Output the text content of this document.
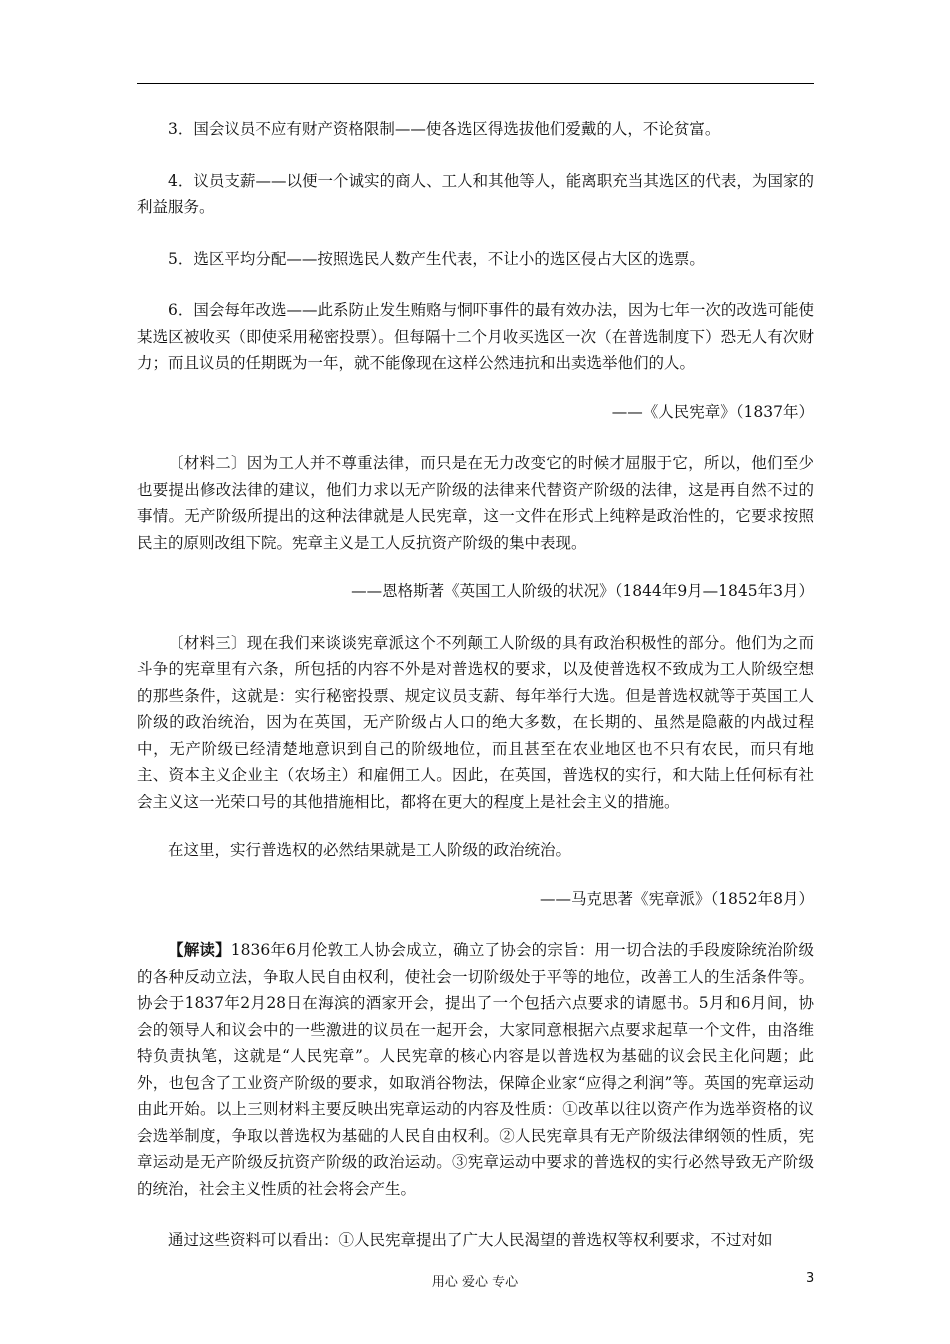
3．国会议员不应有财产资格限制——使各选区得选拔他们爱戴的人，不论贫富。

4．议员支薪——以便一个诚实的商人、工人和其他等人，能离职充当其选区的代表，为国家的利益服务。

5．选区平均分配——按照选民人数产生代表，不让小的选区侵占大区的选票。

6．国会每年改选——此系防止发生贿赂与恫吓事件的最有效办法，因为七年一次的改选可能使某选区被收买（即使采用秘密投票）。但每隔十二个月收买选区一次（在普选制度下）恐无人有次财力；而且议员的任期既为一年，就不能像现在这样公然违抗和出卖选举他们的人。

——《人民宪章》（1837年）

〔材料二〕因为工人并不尊重法律，而只是在无力改变它的时候才屈服于它，所以，他们至少也要提出修改法律的建议，他们力求以无产阶级的法律来代替资产阶级的法律，这是再自然不过的事情。无产阶级所提出的这种法律就是人民宪章，这一文件在形式上纯粹是政治性的，它要求按照民主的原则改组下院。宪章主义是工人反抗资产阶级的集中表现。

——恩格斯著《英国工人阶级的状况》（1844年9月—1845年3月）

〔材料三〕现在我们来谈谈宪章派这个不列颠工人阶级的具有政治积极性的部分。他们为之而斗争的宪章里有六条，所包括的内容不外是对普选权的要求，以及使普选权不致成为工人阶级空想的那些条件，这就是：实行秘密投票、规定议员支薪、每年举行大选。但是普选权就等于英国工人阶级的政治统治，因为在英国，无产阶级占人口的绝大多数，在长期的、虽然是隐蔽的内战过程中，无产阶级已经清楚地意识到自己的阶级地位，而且甚至在农业地区也不只有农民，而只有地主、资本主义企业主（农场主）和雇佣工人。因此，在英国，普选权的实行，和大陆上任何标有社会主义这一光荣口号的其他措施相比，都将在更大的程度上是社会主义的措施。

在这里，实行普选权的必然结果就是工人阶级的政治统治。

——马克思著《宪章派》（1852年8月）

【解读】1836年6月伦敦工人协会成立，确立了协会的宗旨：用一切合法的手段废除统治阶级的各种反动立法，争取人民自由权利，使社会一切阶级处于平等的地位，改善工人的生活条件等。协会于1837年2月28日在海滨的酒家开会，提出了一个包括六点要求的请愿书。5月和6月间，协会的领导人和议会中的一些激进的议员在一起开会，大家同意根据六点要求起草一个文件，由洛维特负责执笔，这就是“人民宪章”。人民宪章的核心内容是以普选权为基础的议会民主化问题；此外，也包含了工业资产阶级的要求，如取消谷物法，保障企业家“应得之利润”等。英国的宪章运动由此开始。以上三则材料主要反映出宪章运动的内容及性质：①改革以往以资产作为选举资格的议会选举制度，争取以普选权为基础的人民自由权利。②人民宪章具有无产阶级法律纲领的性质，宪章运动是无产阶级反抗资产阶级的政治运动。③宪章运动中要求的普选权的实行必然导致无产阶级的统治，社会主义性质的社会将会产生。

通过这些资料可以看出：①人民宪章提出了广大人民渴望的普选权等权利要求，不过对如

用心 爱心 专心	3
